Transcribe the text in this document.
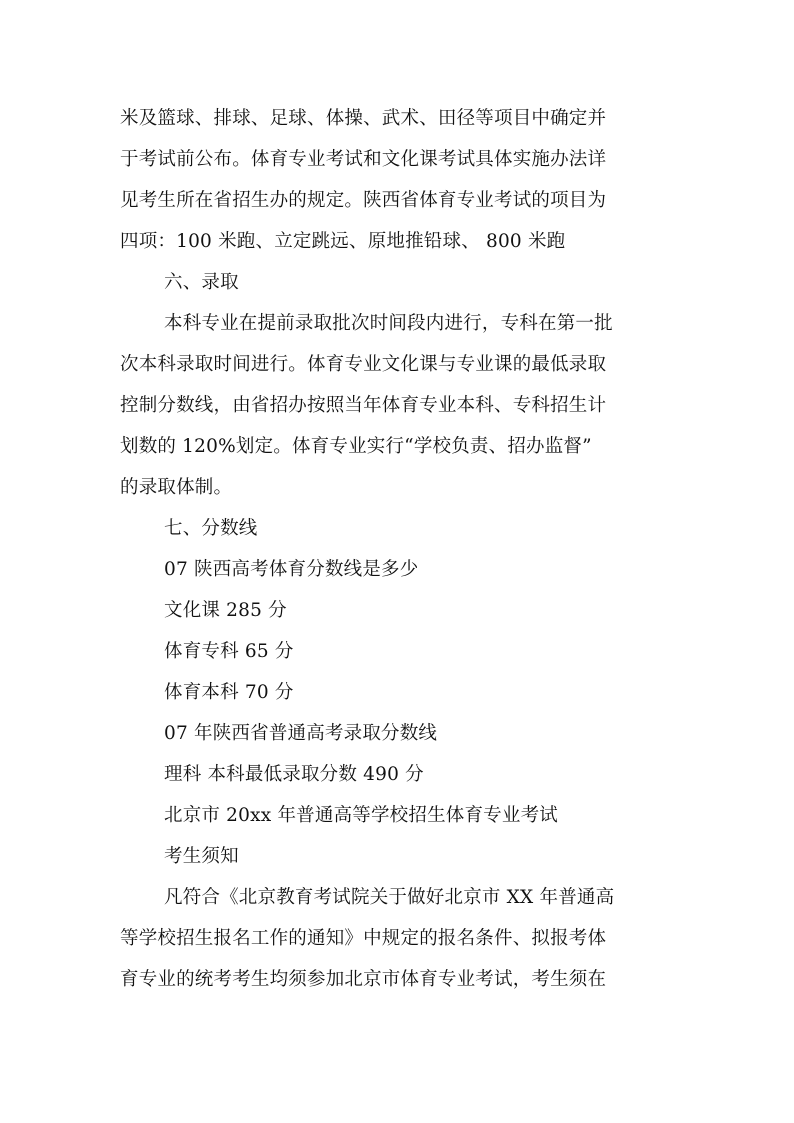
米及篮球、排球、足球、体操、武术、田径等项目中确定并
于考试前公布。体育专业考试和文化课考试具体实施办法详
见考生所在省招生办的规定。陕西省体育专业考试的项目为
四项：100 米跑、立定跳远、原地推铅球、 800 米跑
六、录取
本科专业在提前录取批次时间段内进行，专科在第一批
次本科录取时间进行。体育专业文化课与专业课的最低录取
控制分数线，由省招办按照当年体育专业本科、专科招生计
划数的 120%划定。体育专业实行“学校负责、招办监督”
的录取体制。
七、分数线
07 陕西高考体育分数线是多少
文化课 285 分
体育专科 65 分
体育本科 70 分
07 年陕西省普通高考录取分数线
理科 本科最低录取分数 490 分
北京市 20xx 年普通高等学校招生体育专业考试
考生须知
凡符合《北京教育考试院关于做好北京市 XX 年普通高
等学校招生报名工作的通知》中规定的报名条件、拟报考体
育专业的统考考生均须参加北京市体育专业考试，考生须在
